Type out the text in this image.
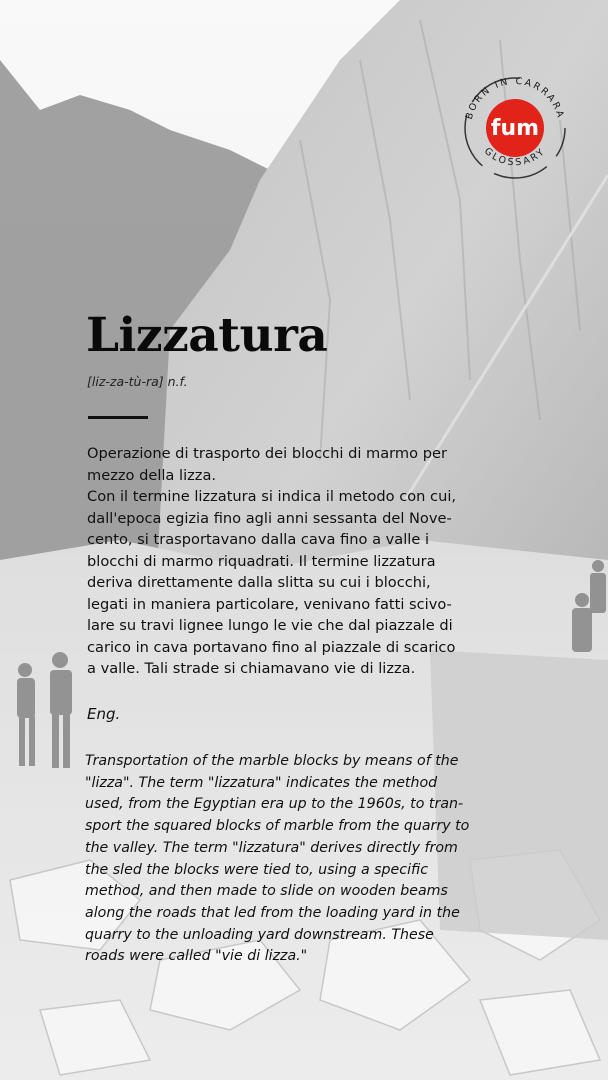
fum
BORN IN CARRARA
GLOSSARY
Lizzatura

[liz-za-tù-ra] n.f.

Operazione di trasporto dei blocchi di marmo per
mezzo della lizza.
Con il termine lizzatura si indica il metodo con cui,
dall'epoca egizia fino agli anni sessanta del Nove-
cento, si trasportavano dalla cava fino a valle i
blocchi di marmo riquadrati. Il termine lizzatura
deriva direttamente dalla slitta su cui i blocchi,
legati in maniera particolare, venivano fatti scivo-
lare su travi lignee lungo le vie che dal piazzale di
carico in cava portavano fino al piazzale di scarico
a valle. Tali strade si chiamavano vie di lizza.

Eng.

Transportation of the marble blocks by means of the
"lizza". The term "lizzatura" indicates the method
used, from the Egyptian era up to the 1960s, to tran-
sport the squared blocks of marble from the quarry to
the valley. The term "lizzatura" derives directly from
the sled the blocks were tied to, using a specific
method, and then made to slide on wooden beams
along the roads that led from the loading yard in the
quarry to the unloading yard downstream. These
roads were called "vie di lizza."
